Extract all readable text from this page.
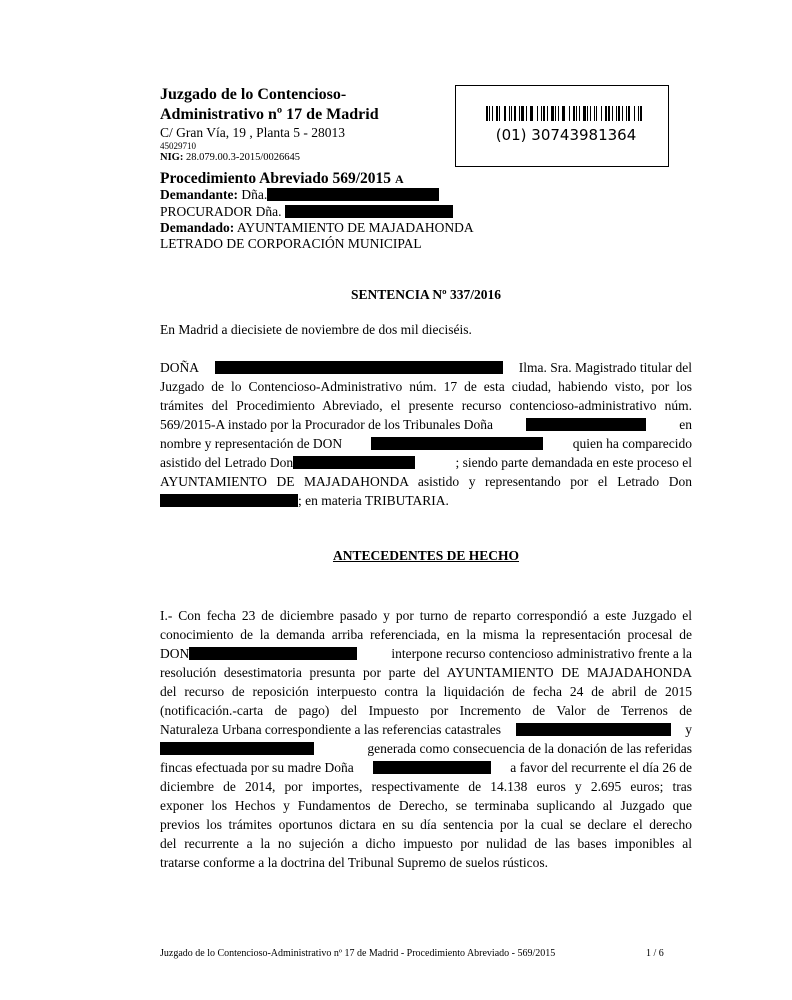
Juzgado de lo Contencioso-
Administrativo nº 17 de Madrid
C/ Gran Vía, 19 , Planta 5 - 28013
45029710
NIG: 28.079.00.3-2015/0026645
(01) 30743981364
Procedimiento Abreviado 569/2015 A
Demandante: Dña.
PROCURADOR Dña.
Demandado: AYUNTAMIENTO DE MAJADAHONDA
LETRADO DE CORPORACIÓN MUNICIPAL
SENTENCIA Nº 337/2016
En Madrid a diecisiete de noviembre de dos mil dieciséis.
DOÑA	Ilma. Sra. Magistrado titular del
Juzgado de lo Contencioso-Administrativo núm. 17 de esta ciudad, habiendo visto, por los
trámites del Procedimiento Abreviado, el presente recurso contencioso-administrativo núm.
569/2015-A instado por la Procurador de los Tribunales Doña	en
nombre y representación de DON	quien ha comparecido
asistido del Letrado Don	; siendo parte demandada en este proceso el
AYUNTAMIENTO DE MAJADAHONDA asistido y representando por el Letrado Don
; en materia TRIBUTARIA.
ANTECEDENTES DE HECHO
I.- Con fecha 23 de diciembre pasado y por turno de reparto correspondió a este Juzgado el
conocimiento de la demanda arriba referenciada, en la misma la representación procesal de
DON	interpone recurso contencioso administrativo frente a la
resolución desestimatoria presunta por parte del AYUNTAMIENTO DE MAJADAHONDA
del recurso de reposición interpuesto contra la liquidación de fecha 24 de abril de 2015
(notificación.-carta de pago) del Impuesto por Incremento de Valor de Terrenos de
Naturaleza Urbana correspondiente a las referencias catastrales	y
generada como consecuencia de la donación de las referidas
fincas efectuada por su madre Doña	a favor del recurrente el día 26 de
diciembre de 2014, por importes, respectivamente de 14.138 euros y 2.695 euros; tras
exponer los Hechos y Fundamentos de Derecho, se terminaba suplicando al Juzgado que
previos los trámites oportunos dictara en su día sentencia por la cual se declare el derecho
del recurrente a la no sujeción a dicho impuesto por nulidad de las bases imponibles al
tratarse conforme a la doctrina del Tribunal Supremo de suelos rústicos.
Juzgado de lo Contencioso-Administrativo nº 17 de Madrid - Procedimiento Abreviado - 569/2015	1 / 6
